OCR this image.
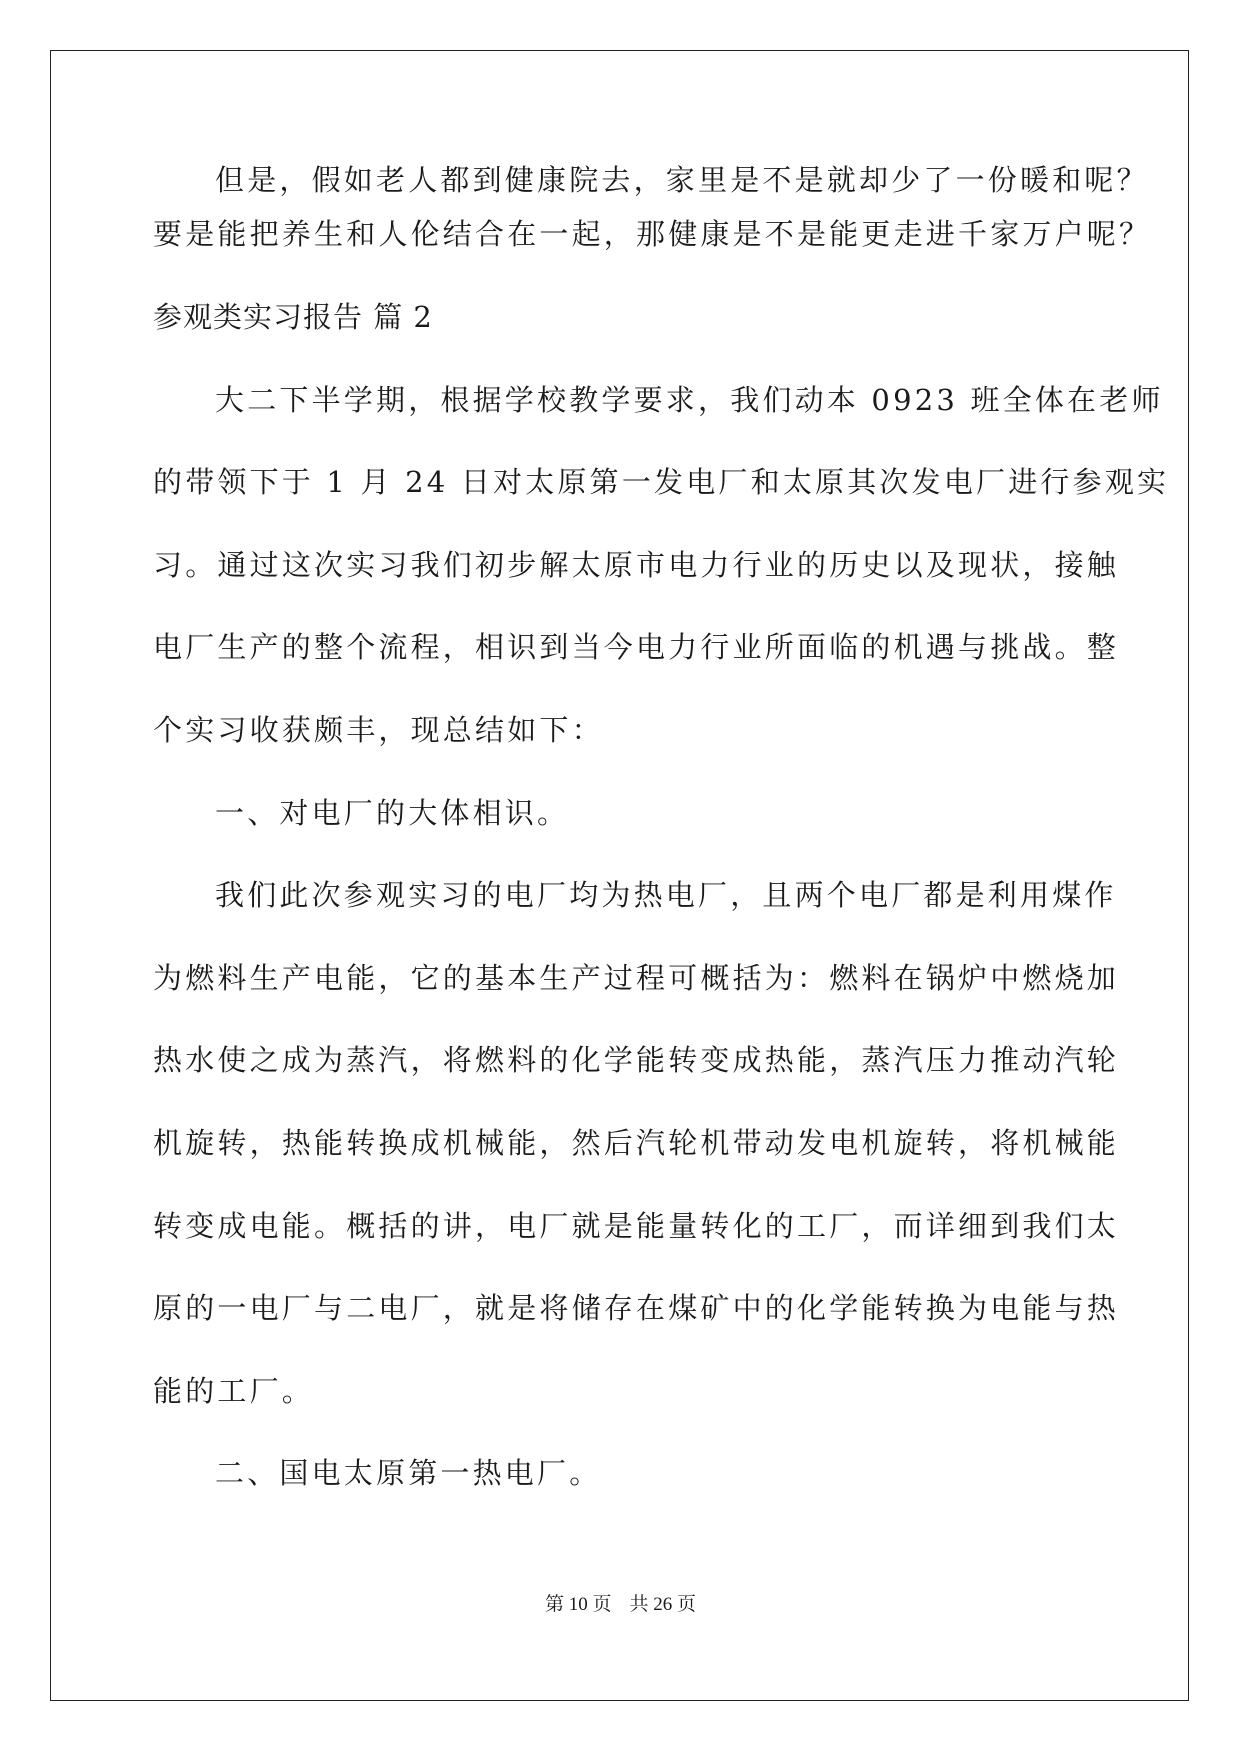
但是，假如老人都到健康院去，家里是不是就却少了一份暖和呢？
要是能把养生和人伦结合在一起，那健康是不是能更走进千家万户呢？
参观类实习报告 篇 2
大二下半学期，根据学校教学要求，我们动本 0923 班全体在老师
的带领下于 1 月 24 日对太原第一发电厂和太原其次发电厂进行参观实
习。通过这次实习我们初步解太原市电力行业的历史以及现状，接触
电厂生产的整个流程，相识到当今电力行业所面临的机遇与挑战。整
个实习收获颇丰，现总结如下：
一、对电厂的大体相识。
我们此次参观实习的电厂均为热电厂，且两个电厂都是利用煤作
为燃料生产电能，它的基本生产过程可概括为：燃料在锅炉中燃烧加
热水使之成为蒸汽，将燃料的化学能转变成热能，蒸汽压力推动汽轮
机旋转，热能转换成机械能，然后汽轮机带动发电机旋转，将机械能
转变成电能。概括的讲，电厂就是能量转化的工厂，而详细到我们太
原的一电厂与二电厂，就是将储存在煤矿中的化学能转换为电能与热
能的工厂。
二、国电太原第一热电厂。
第 10 页 共 26 页
